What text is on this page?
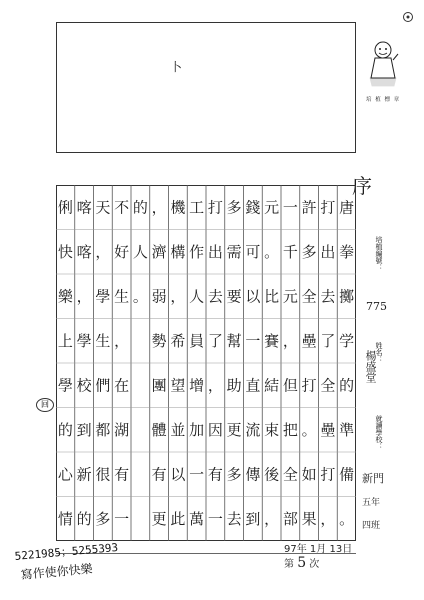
卜
培 植 標 章
序
唐
拳
擲
学
的
準
備
。
打
出
去
了
全
壘
打
，
許
多
全
壘
打
。
如
果
一
千
元
，
但
把
全
部
元
。
比
賽
結
束
後
，
錢
可
以
一
直
流
傳
到
多
需
要
幫
助
更
多
去
打
出
去
了
，
因
有
一
工
作
人
員
增
加
一
萬
機
構
，
希
望
並
以
此
，
濟
弱
勢
團
體
有
更
的
人
。
不
好
生
，
在
湖
有
一
天
，
學
生
們
都
很
多
喀
喀
，
學
校
到
新
的
俐
快
樂
上
學
的
心
情
培植編號：
775
姓名：
楊盛堂
就讀學校：
新門
五年
四班
97年 1月 13日
第 5 次
5221985；5255393
寫作使你快樂
回
